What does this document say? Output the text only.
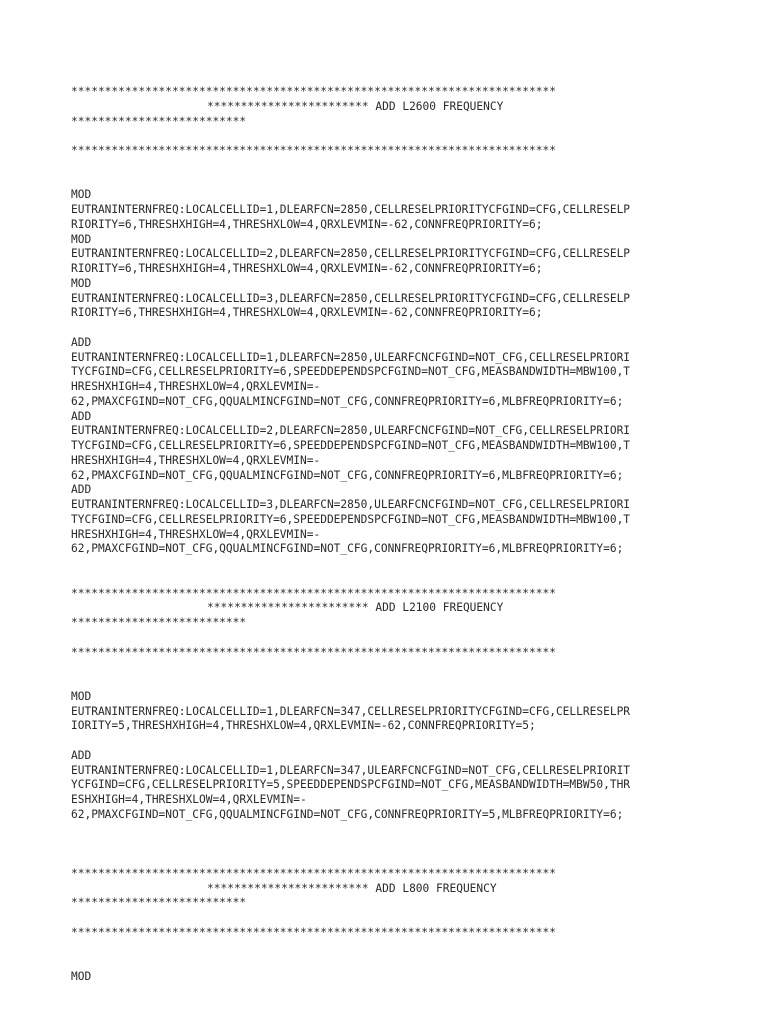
************************************************************************
************************ ADD L2600 FREQUENCY
**************************
************************************************************************
MOD
EUTRANINTERNFREQ:LOCALCELLID=1,DLEARFCN=2850,CELLRESELPRIORITYCFGIND=CFG,CELLRESELP
RIORITY=6,THRESHXHIGH=4,THRESHXLOW=4,QRXLEVMIN=-62,CONNFREQPRIORITY=6;
MOD
EUTRANINTERNFREQ:LOCALCELLID=2,DLEARFCN=2850,CELLRESELPRIORITYCFGIND=CFG,CELLRESELP
RIORITY=6,THRESHXHIGH=4,THRESHXLOW=4,QRXLEVMIN=-62,CONNFREQPRIORITY=6;
MOD
EUTRANINTERNFREQ:LOCALCELLID=3,DLEARFCN=2850,CELLRESELPRIORITYCFGIND=CFG,CELLRESELP
RIORITY=6,THRESHXHIGH=4,THRESHXLOW=4,QRXLEVMIN=-62,CONNFREQPRIORITY=6;
ADD
EUTRANINTERNFREQ:LOCALCELLID=1,DLEARFCN=2850,ULEARFCNCFGIND=NOT_CFG,CELLRESELPRIORI
TYCFGIND=CFG,CELLRESELPRIORITY=6,SPEEDDEPENDSPCFGIND=NOT_CFG,MEASBANDWIDTH=MBW100,T
HRESHXHIGH=4,THRESHXLOW=4,QRXLEVMIN=-
62,PMAXCFGIND=NOT_CFG,QQUALMINCFGIND=NOT_CFG,CONNFREQPRIORITY=6,MLBFREQPRIORITY=6;
ADD
EUTRANINTERNFREQ:LOCALCELLID=2,DLEARFCN=2850,ULEARFCNCFGIND=NOT_CFG,CELLRESELPRIORI
TYCFGIND=CFG,CELLRESELPRIORITY=6,SPEEDDEPENDSPCFGIND=NOT_CFG,MEASBANDWIDTH=MBW100,T
HRESHXHIGH=4,THRESHXLOW=4,QRXLEVMIN=-
62,PMAXCFGIND=NOT_CFG,QQUALMINCFGIND=NOT_CFG,CONNFREQPRIORITY=6,MLBFREQPRIORITY=6;
ADD
EUTRANINTERNFREQ:LOCALCELLID=3,DLEARFCN=2850,ULEARFCNCFGIND=NOT_CFG,CELLRESELPRIORI
TYCFGIND=CFG,CELLRESELPRIORITY=6,SPEEDDEPENDSPCFGIND=NOT_CFG,MEASBANDWIDTH=MBW100,T
HRESHXHIGH=4,THRESHXLOW=4,QRXLEVMIN=-
62,PMAXCFGIND=NOT_CFG,QQUALMINCFGIND=NOT_CFG,CONNFREQPRIORITY=6,MLBFREQPRIORITY=6;
************************************************************************
************************ ADD L2100 FREQUENCY
**************************
************************************************************************
MOD
EUTRANINTERNFREQ:LOCALCELLID=1,DLEARFCN=347,CELLRESELPRIORITYCFGIND=CFG,CELLRESELPR
IORITY=5,THRESHXHIGH=4,THRESHXLOW=4,QRXLEVMIN=-62,CONNFREQPRIORITY=5;
ADD
EUTRANINTERNFREQ:LOCALCELLID=1,DLEARFCN=347,ULEARFCNCFGIND=NOT_CFG,CELLRESELPRIORIT
YCFGIND=CFG,CELLRESELPRIORITY=5,SPEEDDEPENDSPCFGIND=NOT_CFG,MEASBANDWIDTH=MBW50,THR
ESHXHIGH=4,THRESHXLOW=4,QRXLEVMIN=-
62,PMAXCFGIND=NOT_CFG,QQUALMINCFGIND=NOT_CFG,CONNFREQPRIORITY=5,MLBFREQPRIORITY=6;
************************************************************************
************************ ADD L800 FREQUENCY
**************************
************************************************************************
MOD
